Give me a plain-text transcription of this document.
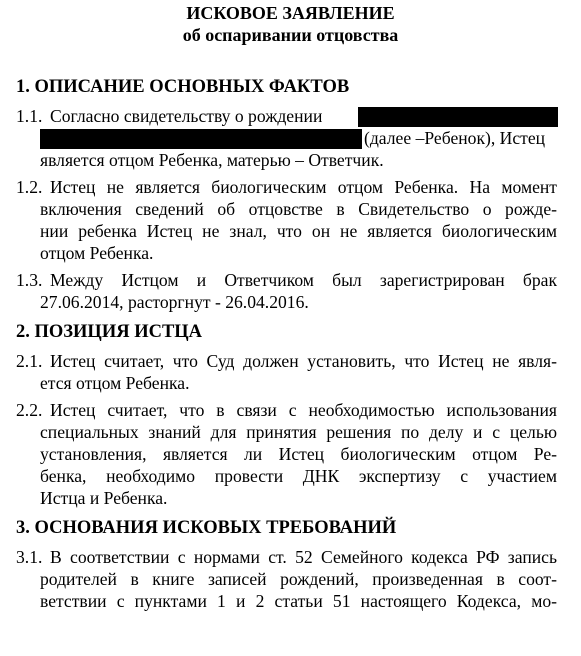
ИСКОВОЕ ЗАЯВЛЕНИЕ
об оспаривании отцовства
1. ОПИСАНИЕ ОСНОВНЫХ ФАКТОВ
1.1. Согласно свидетельству о рождении
(далее –Ребенок), Истец
является отцом Ребенка, матерью – Ответчик.
1.2. Истец не является биологическим отцом Ребенка. На момент
включения сведений об отцовстве в Свидетельство о рожде-
нии ребенка Истец не знал, что он не является биологическим
отцом Ребенка.
1.3. Между Истцом и Ответчиком был зарегистрирован брак
27.06.2014, расторгнут - 26.04.2016.
2. ПОЗИЦИЯ ИСТЦА
2.1. Истец считает, что Суд должен установить, что Истец не явля-
ется отцом Ребенка.
2.2. Истец считает, что в связи с необходимостью использования
специальных знаний для принятия решения по делу и с целью
установления, является ли Истец биологическим отцом Ре-
бенка, необходимо провести ДНК экспертизу с участием
Истца и Ребенка.
3. ОСНОВАНИЯ ИСКОВЫХ ТРЕБОВАНИЙ
3.1. В соответствии с нормами ст. 52 Семейного кодекса РФ запись
родителей в книге записей рождений, произведенная в соот-
ветствии с пунктами 1 и 2 статьи 51 настоящего Кодекса, мо-
